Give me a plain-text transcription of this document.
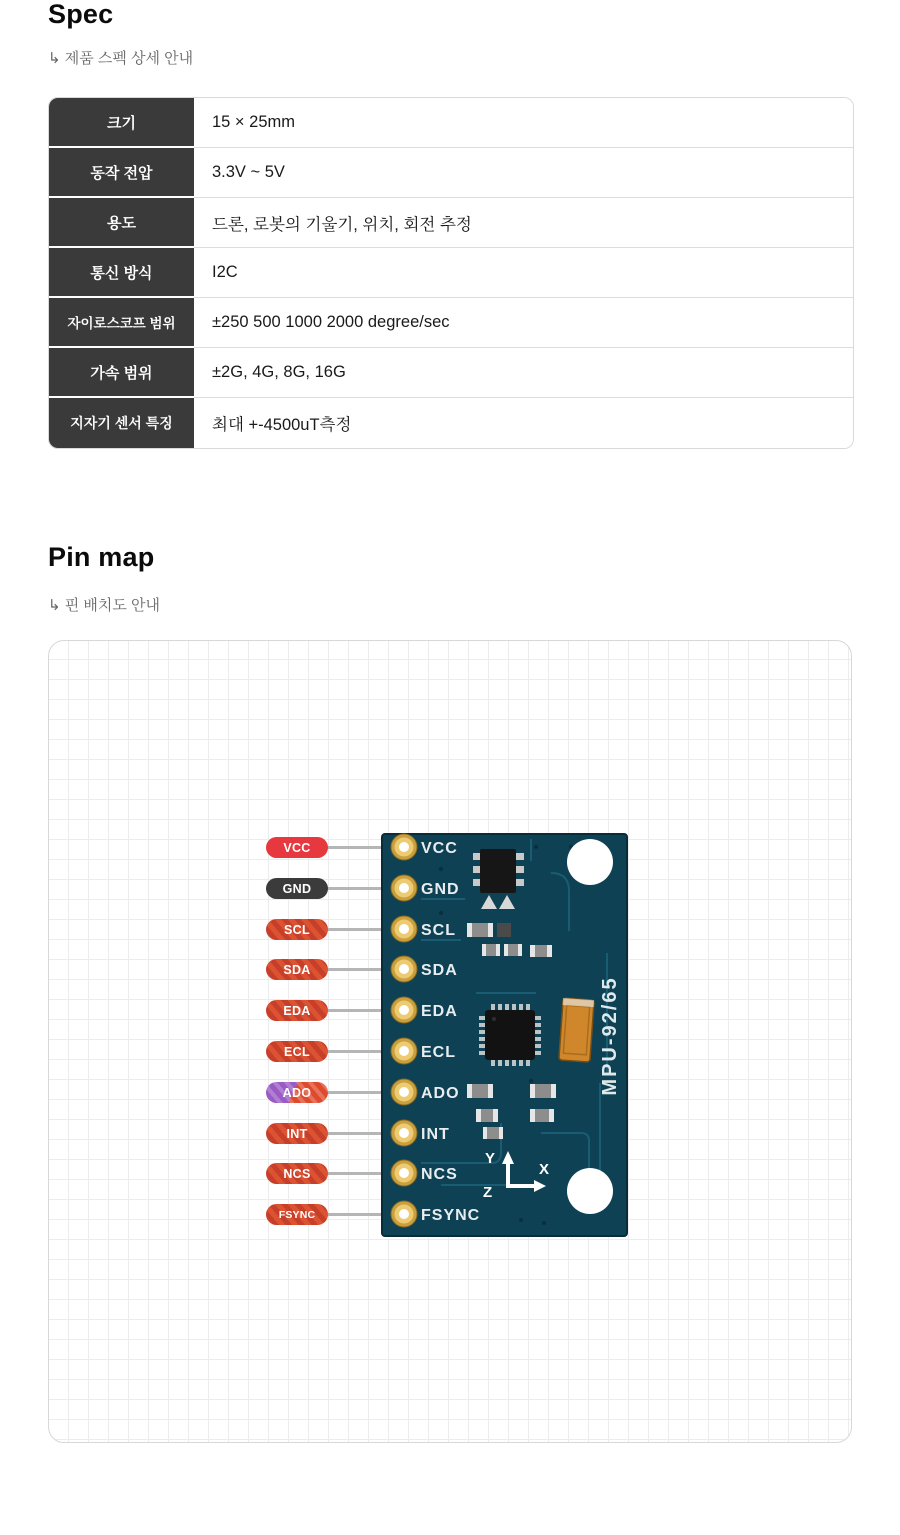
Spec

↳ 제품 스펙 상세 안내

크기	15 × 25mm
동작 전압	3.3V ~ 5V
용도	드론, 로봇의 기울기, 위치, 회전 추정
통신 방식	I2C
자이로스코프 범위	±250 500 1000 2000 degree/sec
가속 범위	±2G, 4G, 8G, 16G
지자기 센서 특징	최대 +-4500uT측정
Pin map

↳ 핀 배치도 안내

VCC
GND
SCL
SDA
EDA
ECL
ADO
INT
NCS
FSYNC
VCC
GND
SCL
SDA
EDA
ECL
ADO
INT
NCS
FSYNC
MPU-92/65
Y
X
Z
